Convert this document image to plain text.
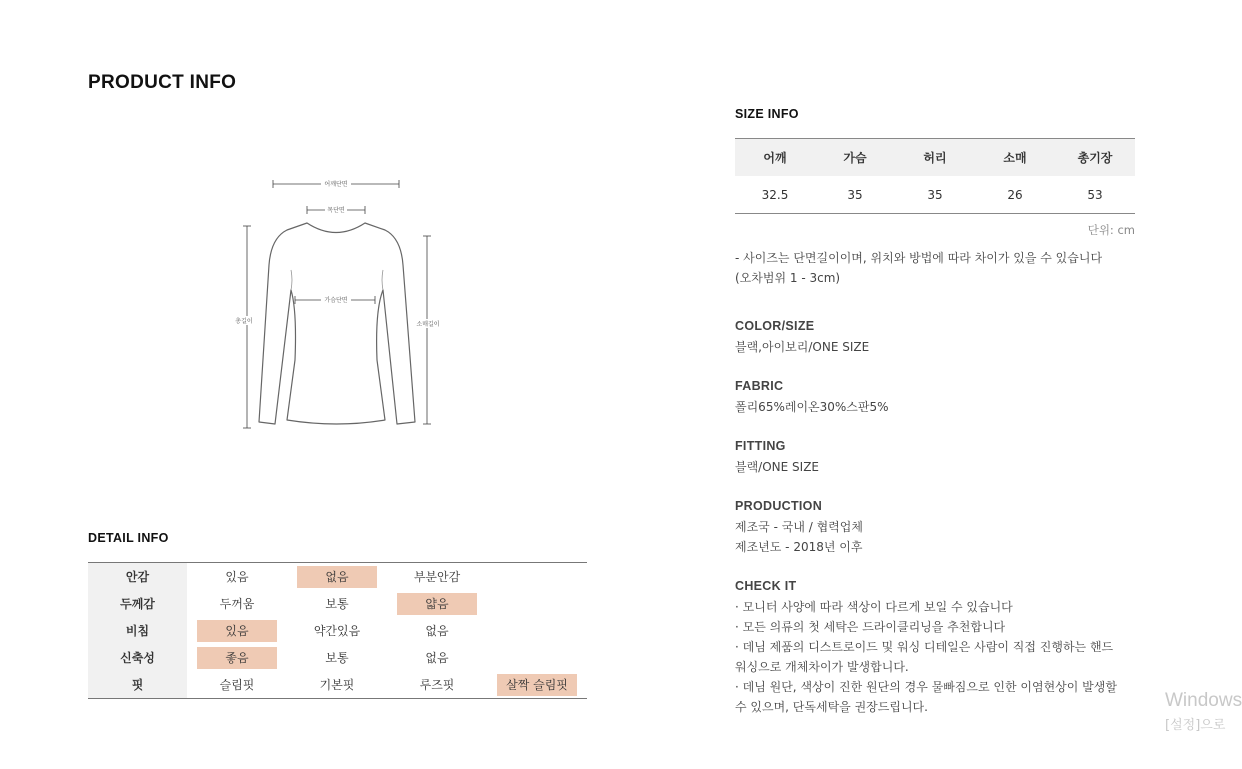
PRODUCT INFO
어깨단면
목단면
가슴단면
총길이	소매길이
DETAIL INFO
안감	있음	없음	부분안감
두께감	두꺼움	보통	얇음
비침	있음	약간있음	없음
신축성	좋음	보통	없음
핏	슬림핏	기본핏	루즈핏	살짝 슬림핏
SIZE INFO
어깨	가슴	허리	소매	총기장
32.5	35	35	26	53
단위: cm
- 사이즈는 단면길이이며, 위치와 방법에 따라 차이가 있을 수 있습니다
(오차범위 1 - 3cm)
COLOR/SIZE
블랙,아이보리/ONE SIZE
FABRIC
폴리65%레이온30%스판5%
FITTING
블랙/ONE SIZE
PRODUCTION
제조국 - 국내 / 협력업체
제조년도 - 2018년 이후
CHECK IT
· 모니터 사양에 따라 색상이 다르게 보일 수 있습니다
· 모든 의류의 첫 세탁은 드라이클리닝을 추천합니다
· 데님 제품의 디스트로이드 및 워싱 디테일은 사람이 직접 진행하는 핸드
워싱으로 개체차이가 발생합니다.
· 데님 원단, 색상이 진한 원단의 경우 물빠짐으로 인한 이염현상이 발생할
수 있으며, 단독세탁을 권장드립니다.	Windows
[설정]으로
